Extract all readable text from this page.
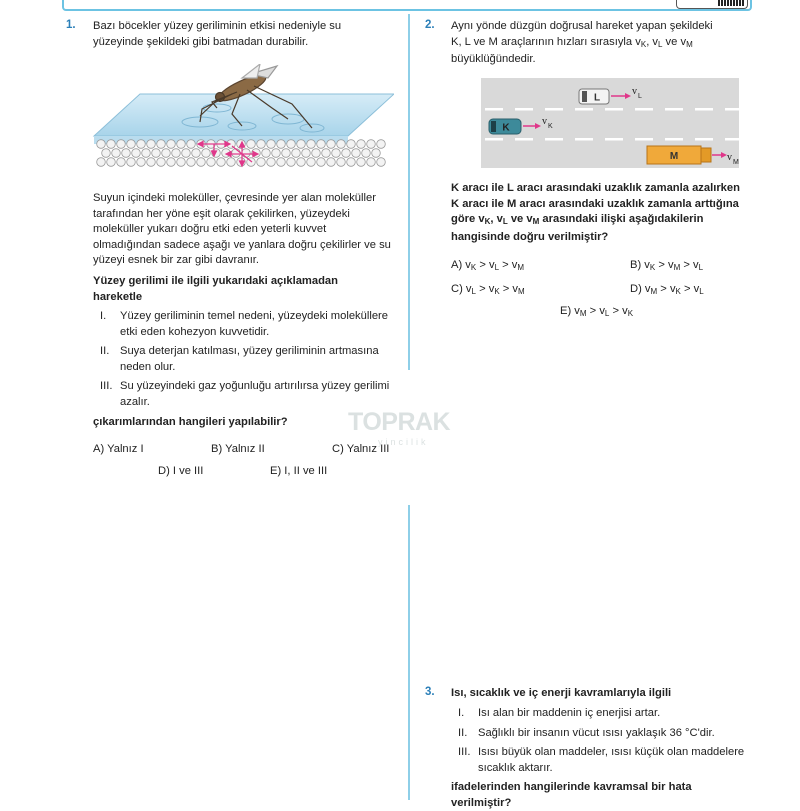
1. Bazı böcekler yüzey geriliminin etkisi nedeniyle su yüzeyinde şekildeki gibi batmadan durabilir.
Suyun içindeki moleküller, çevresinde yer alan moleküller tarafından her yöne eşit olarak çekilirken, yüzeydeki moleküller yukarı doğru etki eden yeterli kuvvet olmadığından sadece aşağı ve yanlara doğru çekilirler ve su yüzeyi esnek bir zar gibi davranır.
Yüzey gerilimi ile ilgili yukarıdaki açıklamadan hareketle
I. Yüzey geriliminin temel nedeni, yüzeydeki moleküllere etki eden kohezyon kuvvetidir.
II. Suya deterjan katılması, yüzey geriliminin artmasına neden olur.
III. Su yüzeyindeki gaz yoğunluğu artırılırsa yüzey gerilimi azalır.
çıkarımlarından hangileri yapılabilir?
A) Yalnız I	B) Yalnız II	C) Yalnız III
D) I ve III	E) I, II ve III
TOPRAK
yincilik
2. Aynı yönde düzgün doğrusal hareket yapan şekildeki

K, L ve M araçlarının hızları sırasıyla $v_K$, $v_L$ ve $v_M$

büyüklüğündedir.

L
v L
K
v K
M	v M
K aracı ile L aracı arasındaki uzaklık zamanla azalırken K aracı ile M aracı arasındaki uzaklık zamanla arttığına göre $v_K$, $v_L$ ve $v_M$ arasındaki ilişki aşağıdakilerin hangisinde doğru verilmiştir?
A) $v_K > v_L > v_M$	B) $v_K > v_M > v_L$
C) $v_L > v_K > v_M$	D) $v_M > v_K > v_L$
E) $v_M > v_L > v_K$
3. Isı, sıcaklık ve iç enerji kavramlarıyla ilgili
I. Isı alan bir maddenin iç enerjisi artar.
II. Sağlıklı bir insanın vücut ısısı yaklaşık 36 °C'dir.
III. Isısı büyük olan maddeler, ısısı küçük olan maddelere sıcaklık aktarır.
ifadelerinden hangilerinde kavramsal bir hata verilmiştir?
